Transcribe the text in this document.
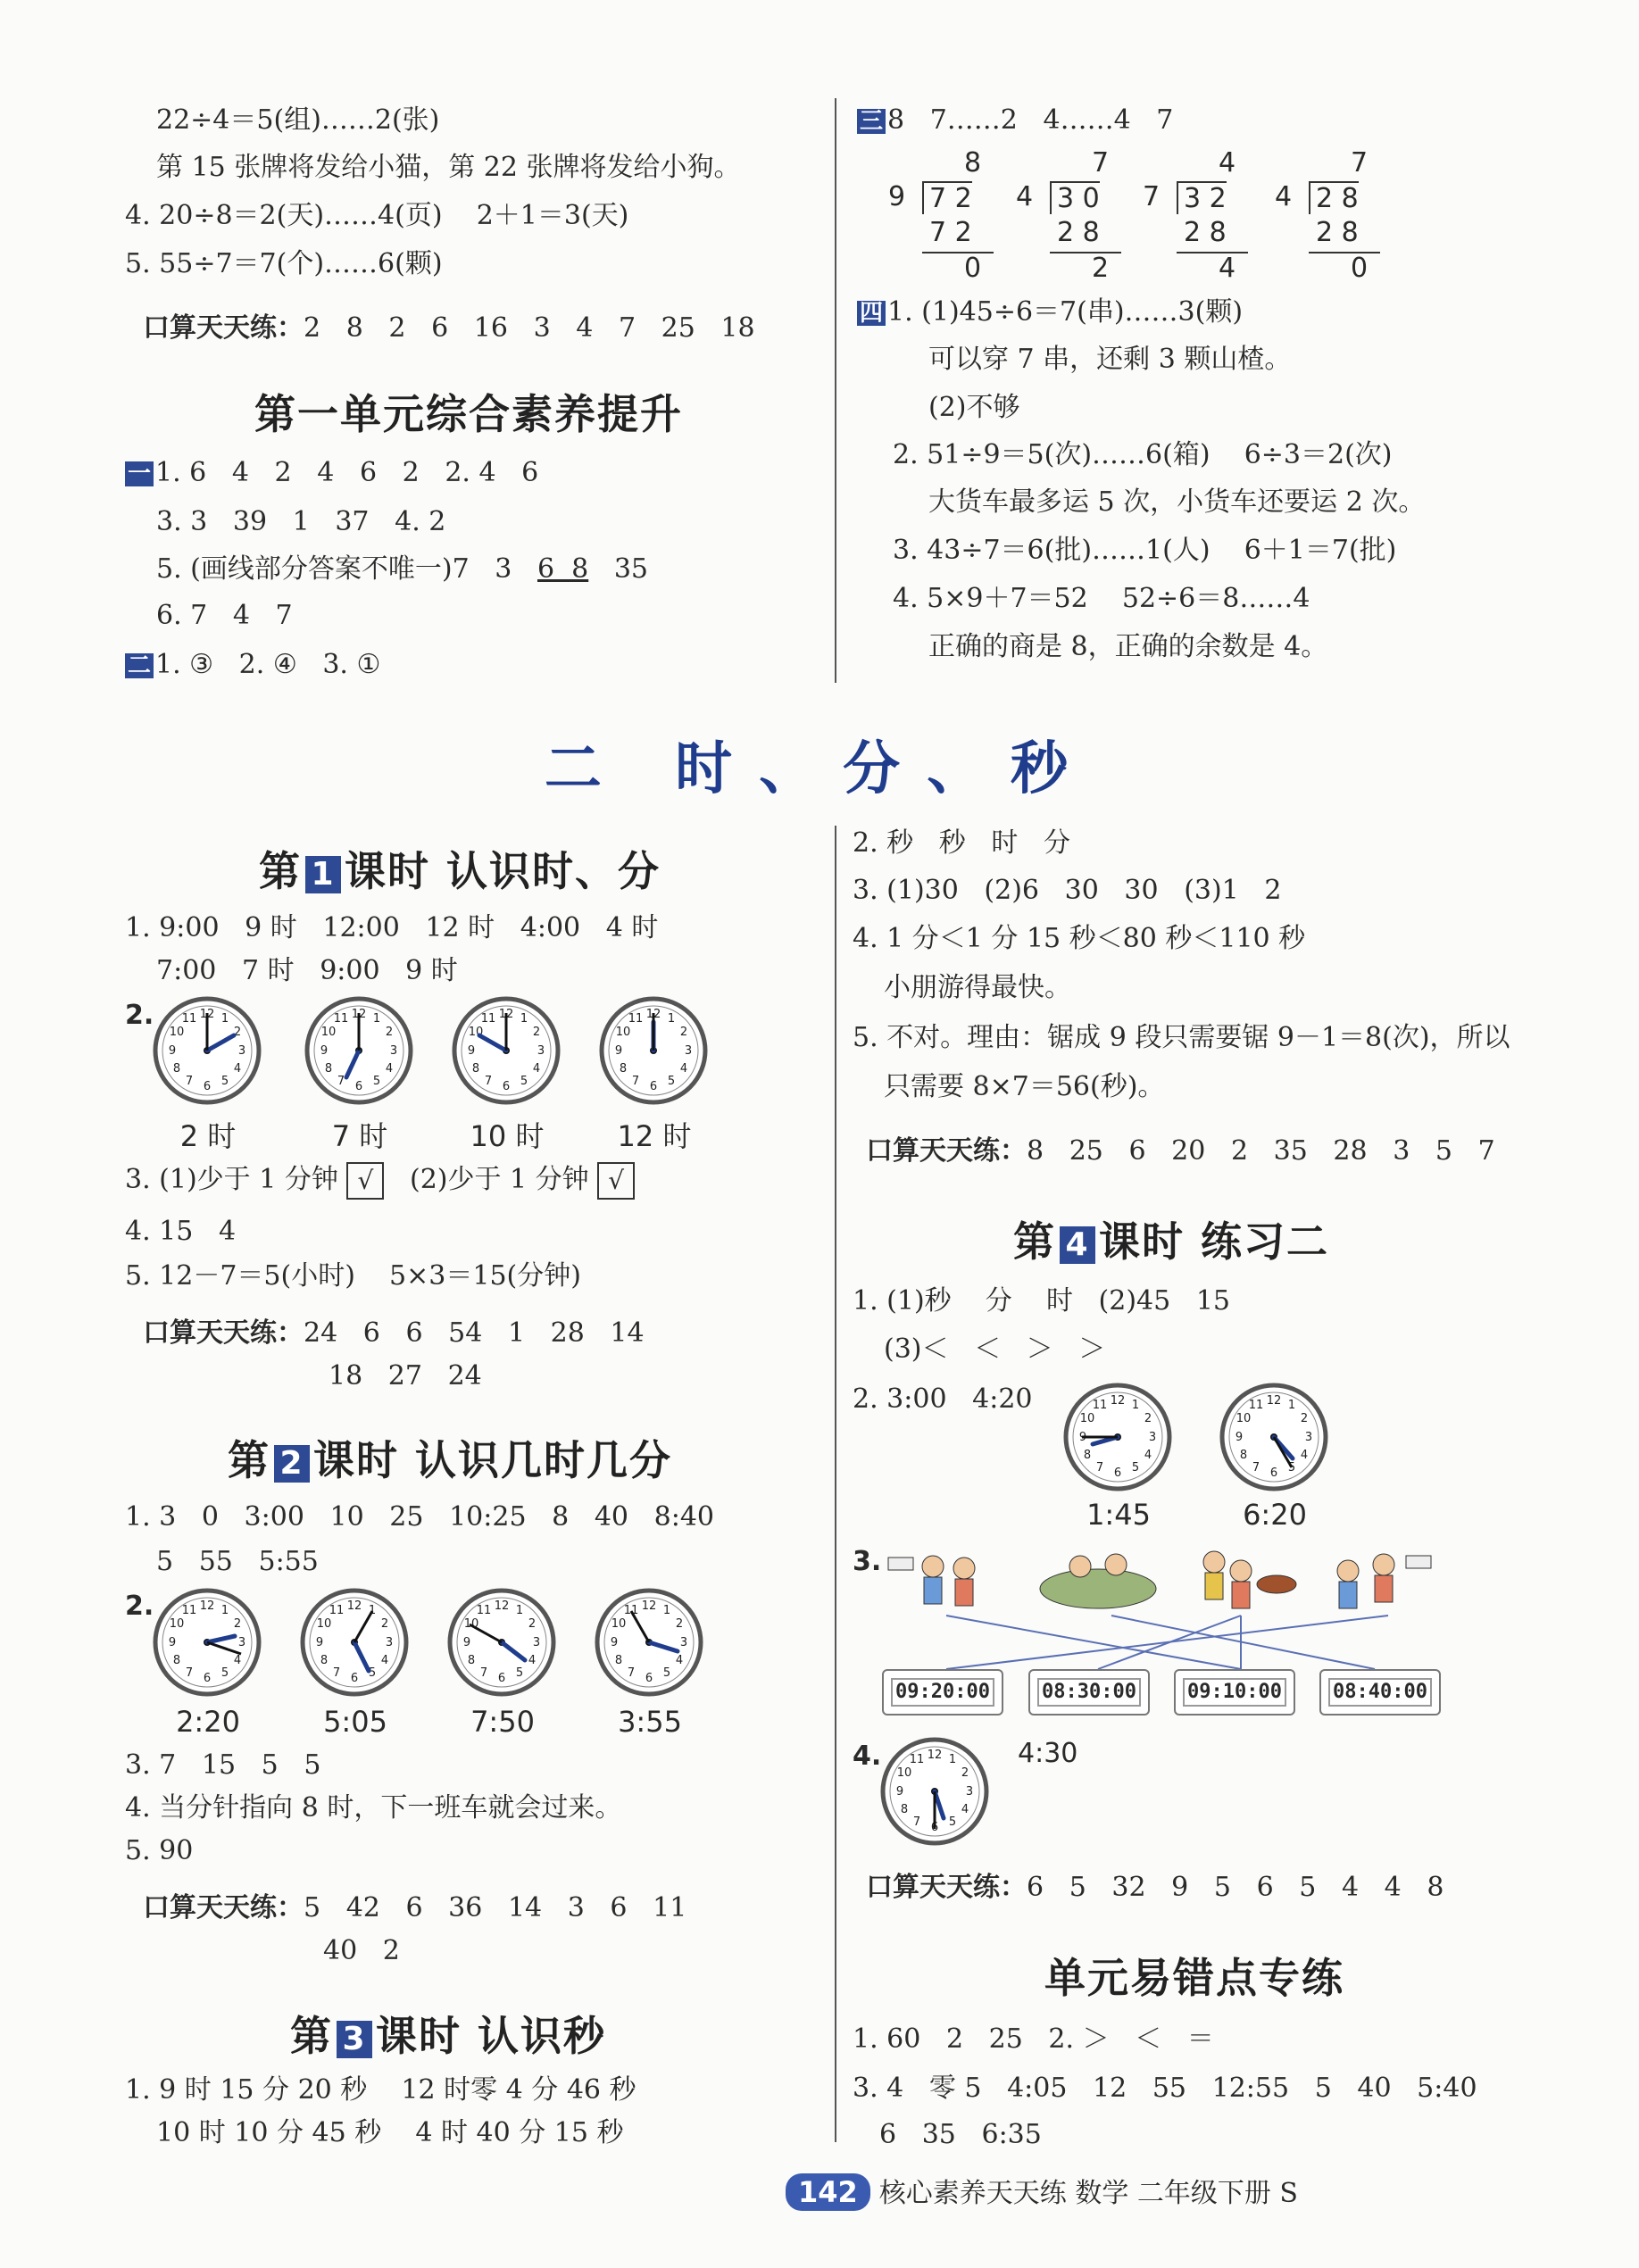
22÷4＝5(组)……2(张)
第 15 张牌将发给小猫，第 22 张牌将发给小狗。
4. 20÷8＝2(天)……4(页)    2＋1＝3(天)
5. 55÷7＝7(个)……6(颗)
口算天天练：2   8   2   6   16   3   4   7   25   18
第一单元综合素养提升
一 1. 6   4   2   4   6   2   2. 4   6
3. 3   39   1   37   4. 2
5. (画线部分答案不唯一)7   3   6  8   35
6. 7   4   7
二 1. ③   2. ④   3. ①
三 8   7……2   4……4   7
8
9 7 2
7 2
0
7
4 3 0
2 8
2
4
7 3 2
2 8
4
7
4 2 8
2 8
0
四 1. (1)45÷6＝7(串)……3(颗)
可以穿 7 串，还剩 3 颗山楂。
(2)不够
2. 51÷9＝5(次)……6(箱)    6÷3＝2(次)
大货车最多运 5 次，小货车还要运 2 次。
3. 43÷7＝6(批)……1(人)    6＋1＝7(批)
4. 5×9＋7＝52    52÷6＝8……4
正确的商是 8，正确的余数是 4。
二 时、分、秒
第 1 课时 认识时、分
1. 9:00   9 时   12:00   12 时   4:00   4 时
7:00   7 时   9:00   9 时
2.
2 时	7 时	10 时	12 时
3. (1)少于 1 分钟 √ (2)少于 1 分钟 √
4. 15   4
5. 12－7＝5(小时)    5×3＝15(分钟)
口算天天练：24   6   6   54   1   28   14
18   27   24
第 2 课时 认识几时几分
1. 3   0   3:00   10   25   10:25   8   40   8:40
5   55   5:55
2.
2:20	5:05	7:50	3:55
3. 7   15   5   5
4. 当分针指向 8 时，下一班车就会过来。
5. 90
口算天天练：5   42   6   36   14   3   6   11
40   2
第 3 课时 认识秒
1. 9 时 15 分 20 秒    12 时零 4 分 46 秒
10 时 10 分 45 秒    4 时 40 分 15 秒
2. 秒   秒   时   分
3. (1)30   (2)6   30   30   (3)1   2
4. 1 分＜1 分 15 秒＜80 秒＜110 秒
小朋游得最快。
5. 不对。理由：锯成 9 段只需要锯 9－1＝8(次)，所以
只需要 8×7＝56(秒)。
口算天天练：8   25   6   20   2   35   28   3   5   7
第 4 课时 练习二
1. (1)秒    分    时   (2)45   15
(3)＜   ＜   ＞   ＞
2. 3:00   4:20
1:45	6:20
3.
09:20:00	08:30:00	09:10:00	08:40:00
4.	4:30
口算天天练：6   5   32   9   5   6   5   4   4   8
单元易错点专练
1. 60   2   25   2. ＞   ＜   ＝
3. 4   零 5   4:05   12   55   12:55   5   40   5:40
6   35   6:35
142 核心素养天天练 数学 二年级下册 S
